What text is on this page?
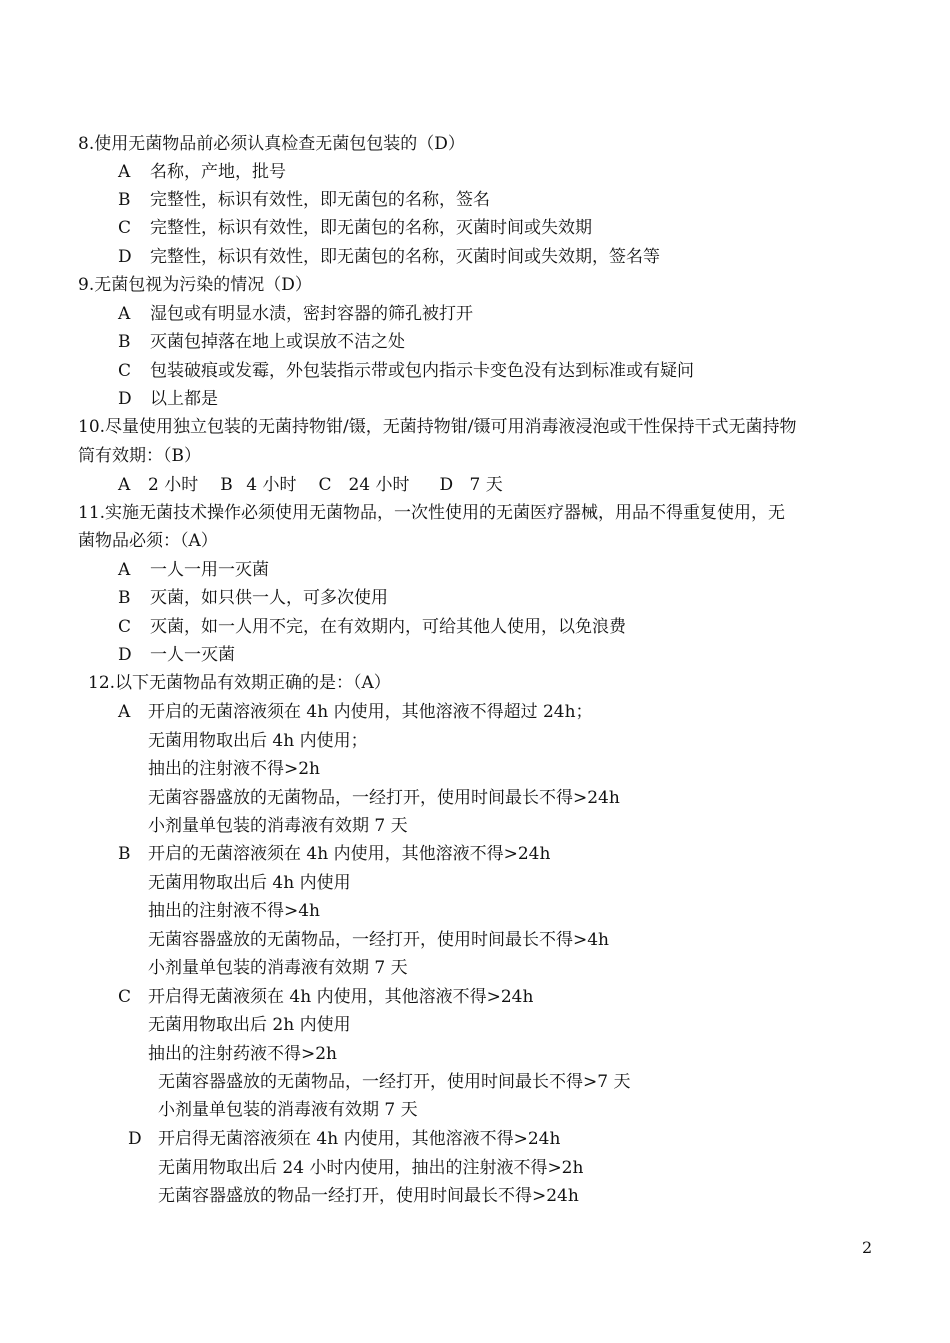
8.使用无菌物品前必须认真检查无菌包包装的（D）
A 名称，产地，批号
B 完整性，标识有效性，即无菌包的名称，签名
C 完整性，标识有效性，即无菌包的名称，灭菌时间或失效期
D 完整性，标识有效性，即无菌包的名称，灭菌时间或失效期，签名等
9.无菌包视为污染的情况（D）
A 湿包或有明显水渍，密封容器的筛孔被打开
B 灭菌包掉落在地上或误放不洁之处
C 包装破痕或发霉，外包装指示带或包内指示卡变色没有达到标准或有疑问
D 以上都是
10.尽量使用独立包装的无菌持物钳/镊，无菌持物钳/镊可用消毒液浸泡或干性保持干式无菌持物
筒有效期：（B）
A 2 小时 B 4 小时 C 24 小时 D 7 天
11.实施无菌技术操作必须使用无菌物品，一次性使用的无菌医疗器械，用品不得重复使用，无
菌物品必须：（A）
A 一人一用一灭菌
B 灭菌，如只供一人，可多次使用
C 灭菌，如一人用不完，在有效期内，可给其他人使用，以免浪费
D 一人一灭菌
12.以下无菌物品有效期正确的是：（A）
A 开启的无菌溶液须在 4h 内使用，其他溶液不得超过 24h；
无菌用物取出后 4h 内使用；
抽出的注射液不得>2h
无菌容器盛放的无菌物品，一经打开，使用时间最长不得>24h
小剂量单包装的消毒液有效期 7 天
B 开启的无菌溶液须在 4h 内使用，其他溶液不得>24h
无菌用物取出后 4h 内使用
抽出的注射液不得>4h
无菌容器盛放的无菌物品，一经打开，使用时间最长不得>4h
小剂量单包装的消毒液有效期 7 天
C 开启得无菌液须在 4h 内使用，其他溶液不得>24h
无菌用物取出后 2h 内使用
抽出的注射药液不得>2h
无菌容器盛放的无菌物品，一经打开，使用时间最长不得>7 天
小剂量单包装的消毒液有效期 7 天
D 开启得无菌溶液须在 4h 内使用，其他溶液不得>24h
无菌用物取出后 24 小时内使用，抽出的注射液不得>2h
无菌容器盛放的物品一经打开，使用时间最长不得>24h
2
